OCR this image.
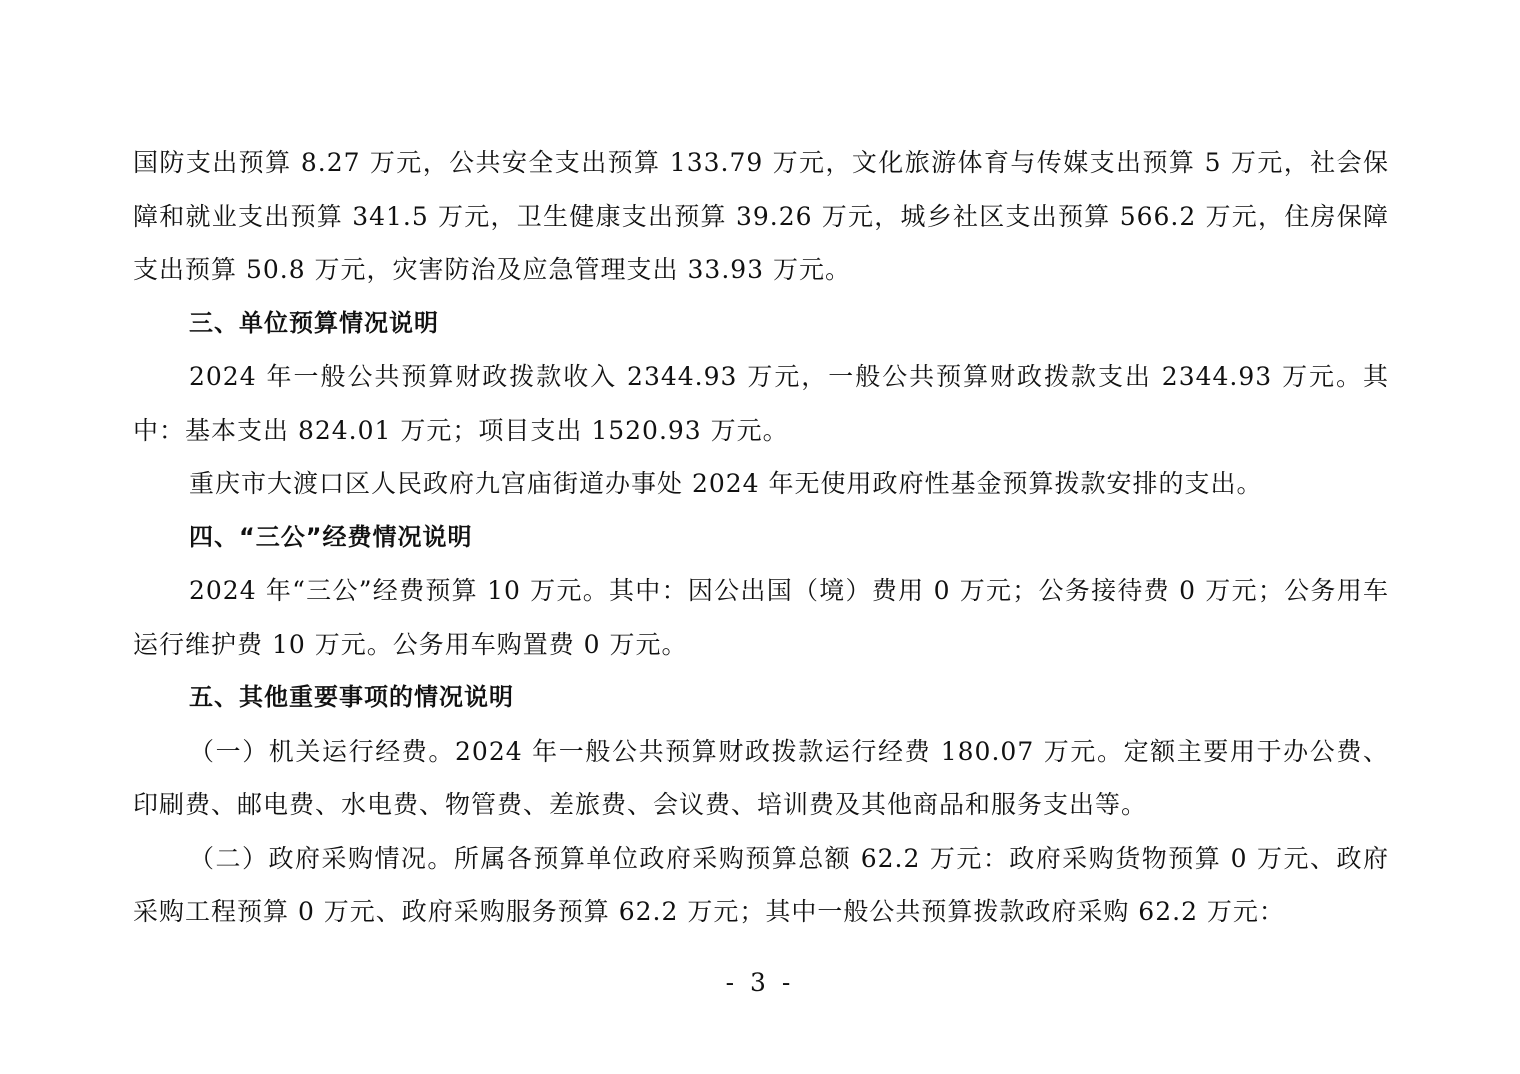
国防支出预算 8.27 万元，公共安全支出预算 133.79 万元，文化旅游体育与传媒支出预算 5 万元，社会保障和就业支出预算 341.5 万元，卫生健康支出预算 39.26 万元，城乡社区支出预算 566.2 万元，住房保障支出预算 50.8 万元，灾害防治及应急管理支出 33.93 万元。

三、单位预算情况说明

2024 年一般公共预算财政拨款收入 2344.93 万元，一般公共预算财政拨款支出 2344.93 万元。其中：基本支出 824.01 万元；项目支出 1520.93 万元。

重庆市大渡口区人民政府九宫庙街道办事处 2024 年无使用政府性基金预算拨款安排的支出。

四、“三公”经费情况说明

2024 年“三公”经费预算 10 万元。其中：因公出国（境）费用 0 万元；公务接待费 0 万元；公务用车运行维护费 10 万元。公务用车购置费 0 万元。

五、其他重要事项的情况说明

（一）机关运行经费。2024 年一般公共预算财政拨款运行经费 180.07 万元。定额主要用于办公费、印刷费、邮电费、水电费、物管费、差旅费、会议费、培训费及其他商品和服务支出等。

（二）政府采购情况。所属各预算单位政府采购预算总额 62.2 万元：政府采购货物预算 0 万元、政府采购工程预算 0 万元、政府采购服务预算 62.2 万元；其中一般公共预算拨款政府采购 62.2 万元：

- 3 -
